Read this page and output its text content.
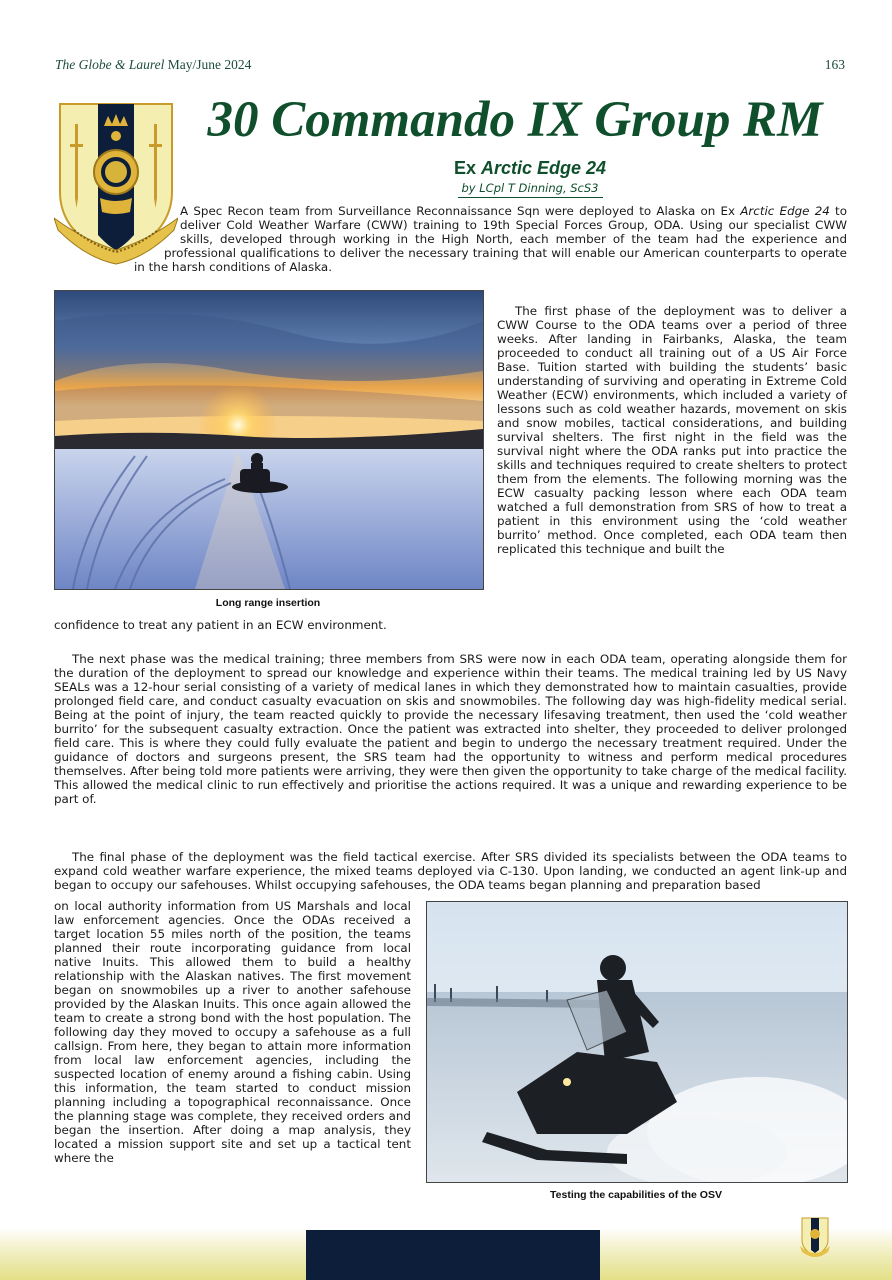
The Globe & Laurel May/June 2024	163
30 Commando IX Group RM
Ex Arctic Edge 24
by LCpl T Dinning, ScS3
A Spec Recon team from Surveillance Reconnaissance Sqn were deployed to Alaska on Ex Arctic Edge 24 to deliver Cold Weather Warfare (CWW) training to 19th Special Forces Group, ODA. Using our specialist CWW skills, developed through working in the High North, each member of the team had the experience and professional qualifications to deliver the necessary training that will enable our American counterparts to operate in the harsh conditions of Alaska.
Long range insertion

The first phase of the deployment was to deliver a CWW Course to the ODA teams over a period of three weeks. After landing in Fairbanks, Alaska, the team proceeded to conduct all training out of a US Air Force Base. Tuition started with building the students’ basic understanding of surviving and operating in Extreme Cold Weather (ECW) environments, which included a variety of lessons such as cold weather hazards, movement on skis and snow mobiles, tactical considerations, and building survival shelters. The first night in the field was the survival night where the ODA ranks put into practice the skills and techniques required to create shelters to protect them from the elements. The following morning was the ECW casualty packing lesson where each ODA team watched a full demonstration from SRS of how to treat a patient in this environment using the ‘cold weather burrito’ method. Once completed, each ODA team then replicated this technique and built the

confidence to treat any patient in an ECW environment.

The next phase was the medical training; three members from SRS were now in each ODA team, operating alongside them for the duration of the deployment to spread our knowledge and experience within their teams. The medical training led by US Navy SEALs was a 12-hour serial consisting of a variety of medical lanes in which they demonstrated how to maintain casualties, provide prolonged field care, and conduct casualty evacuation on skis and snowmobiles. The following day was high-fidelity medical serial. Being at the point of injury, the team reacted quickly to provide the necessary lifesaving treatment, then used the ‘cold weather burrito’ for the subsequent casualty extraction. Once the patient was extracted into shelter, they proceeded to deliver prolonged field care. This is where they could fully evaluate the patient and begin to undergo the necessary treatment required. Under the guidance of doctors and surgeons present, the SRS team had the opportunity to witness and perform medical procedures themselves. After being told more patients were arriving, they were then given the opportunity to take charge of the medical facility. This allowed the medical clinic to run effectively and prioritise the actions required. It was a unique and rewarding experience to be part of.

The final phase of the deployment was the field tactical exercise. After SRS divided its specialists between the ODA teams to expand cold weather warfare experience, the mixed teams deployed via C-130. Upon landing, we conducted an agent link-up and began to occupy our safehouses. Whilst occupying safehouses, the ODA teams began planning and preparation based

on local authority information from US Marshals and local law enforcement agencies. Once the ODAs received a target location 55 miles north of the position, the teams planned their route incorporating guidance from local native Inuits. This allowed them to build a healthy relationship with the Alaskan natives. The first movement began on snowmobiles up a river to another safehouse provided by the Alaskan Inuits. This once again allowed the team to create a strong bond with the host population. The following day they moved to occupy a safehouse as a full callsign. From here, they began to attain more information from local law enforcement agencies, including the suspected location of enemy around a fishing cabin. Using this information, the team started to conduct mission planning including a topographical reconnaissance. Once the planning stage was complete, they received orders and began the insertion. After doing a map analysis, they located a mission support site and set up a tactical tent where the

Testing the capabilities of the OSV
